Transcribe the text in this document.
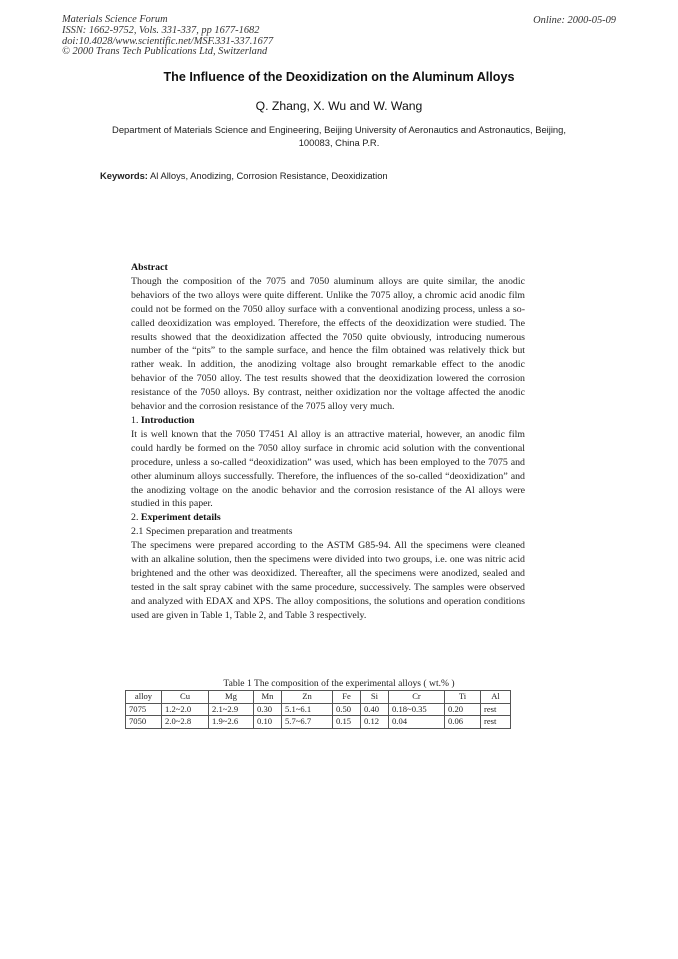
Materials Science Forum
ISSN: 1662-9752, Vols. 331-337, pp 1677-1682
doi:10.4028/www.scientific.net/MSF.331-337.1677
© 2000 Trans Tech Publications Ltd, Switzerland
Online: 2000-05-09
The Influence of the Deoxidization on the Aluminum Alloys
Q. Zhang, X. Wu and W. Wang
Department of Materials Science and Engineering, Beijing University of Aeronautics and Astronautics, Beijing, 100083, China P.R.
Keywords: Al Alloys, Anodizing, Corrosion Resistance, Deoxidization
Abstract

Though the composition of the 7075 and 7050 aluminum alloys are quite similar, the anodic behaviors of the two alloys were quite different. Unlike the 7075 alloy, a chromic acid anodic film could not be formed on the 7050 alloy surface with a conventional anodizing process, unless a so-called deoxidization was employed. Therefore, the effects of the deoxidization were studied. The results showed that the deoxidization affected the 7050 quite obviously, introducing numerous number of the “pits” to the sample surface, and hence the film obtained was relatively thick but rather weak. In addition, the anodizing voltage also brought remarkable effect to the anodic behavior of the 7050 alloy. The test results showed that the deoxidization lowered the corrosion resistance of the 7050 alloys. By contrast, neither oxidization nor the voltage affected the anodic behavior and the corrosion resistance of the 7075 alloy very much.

1. Introduction

It is well known that the 7050 T7451 Al alloy is an attractive material, however, an anodic film could hardly be formed on the 7050 alloy surface in chromic acid solution with the conventional procedure, unless a so-called “deoxidization” was used, which has been employed to the 7075 and other aluminum alloys successfully. Therefore, the influences of the so-called “deoxidization” and the anodizing voltage on the anodic behavior and the corrosion resistance of the Al alloys were studied in this paper.

2. Experiment details
2.1 Specimen preparation and treatments

The specimens were prepared according to the ASTM G85-94. All the specimens were cleaned with an alkaline solution, then the specimens were divided into two groups, i.e. one was nitric acid brightened and the other was deoxidized. Thereafter, all the specimens were anodized, sealed and tested in the salt spray cabinet with the same procedure, successively. The samples were observed and analyzed with EDAX and XPS. The alloy compositions, the solutions and operation conditions used are given in Table 1, Table 2, and Table 3 respectively.

Table 1 The composition of the experimental alloys ( wt.% )
alloy	Cu	Mg	Mn	Zn	Fe	Si	Cr	Ti	Al
7075	1.2~2.0	2.1~2.9	0.30	5.1~6.1	0.50	0.40	0.18~0.35	0.20	rest
7050	2.0~2.8	1.9~2.6	0.10	5.7~6.7	0.15	0.12	0.04	0.06	rest
